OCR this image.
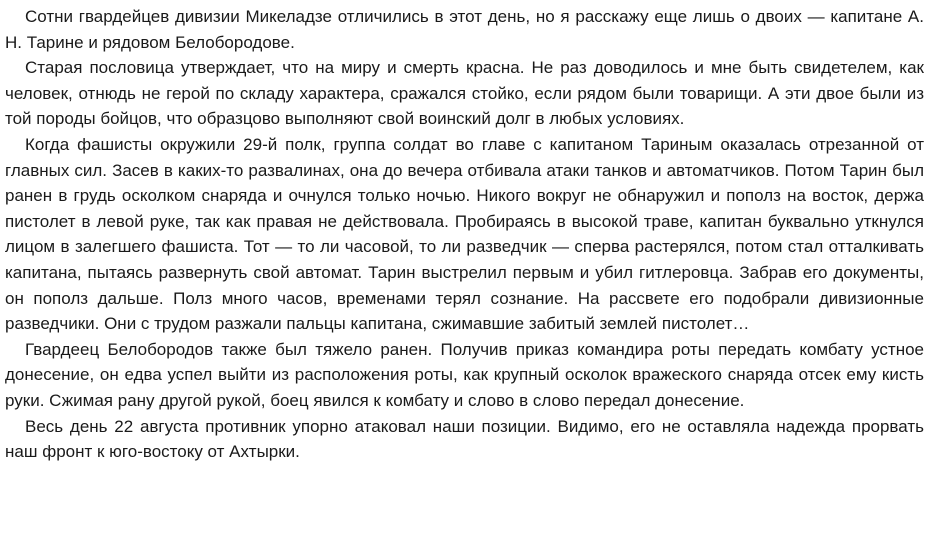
Сотни гвардейцев дивизии Микеладзе отличились в этот день, но я расскажу еще лишь о двоих — капитане А. Н. Тарине и рядовом Белобородове.

Старая пословица утверждает, что на миру и смерть красна. Не раз доводилось и мне быть свидетелем, как человек, отнюдь не герой по складу характера, сражался стойко, если рядом были товарищи. А эти двое были из той породы бойцов, что образцово выполняют свой воинский долг в любых условиях.

Когда фашисты окружили 29-й полк, группа солдат во главе с капитаном Тариным оказалась отрезанной от главных сил. Засев в каких-то развалинах, она до вечера отбивала атаки танков и автоматчиков. Потом Тарин был ранен в грудь осколком снаряда и очнулся только ночью. Никого вокруг не обнаружил и пополз на восток, держа пистолет в левой руке, так как правая не действовала. Пробираясь в высокой траве, капитан буквально уткнулся лицом в залегшего фашиста. Тот — то ли часовой, то ли разведчик — сперва растерялся, потом стал отталкивать капитана, пытаясь развернуть свой автомат. Тарин выстрелил первым и убил гитлеровца. Забрав его документы, он пополз дальше. Полз много часов, временами терял сознание. На рассвете его подобрали дивизионные разведчики. Они с трудом разжали пальцы капитана, сжимавшие забитый землей пистолет…

Гвардеец Белобородов также был тяжело ранен. Получив приказ командира роты передать комбату устное донесение, он едва успел выйти из расположения роты, как крупный осколок вражеского снаряда отсек ему кисть руки. Сжимая рану другой рукой, боец явился к комбату и слово в слово передал донесение.

Весь день 22 августа противник упорно атаковал наши позиции. Видимо, его не оставляла надежда прорвать наш фронт к юго-востоку от Ахтырки.
